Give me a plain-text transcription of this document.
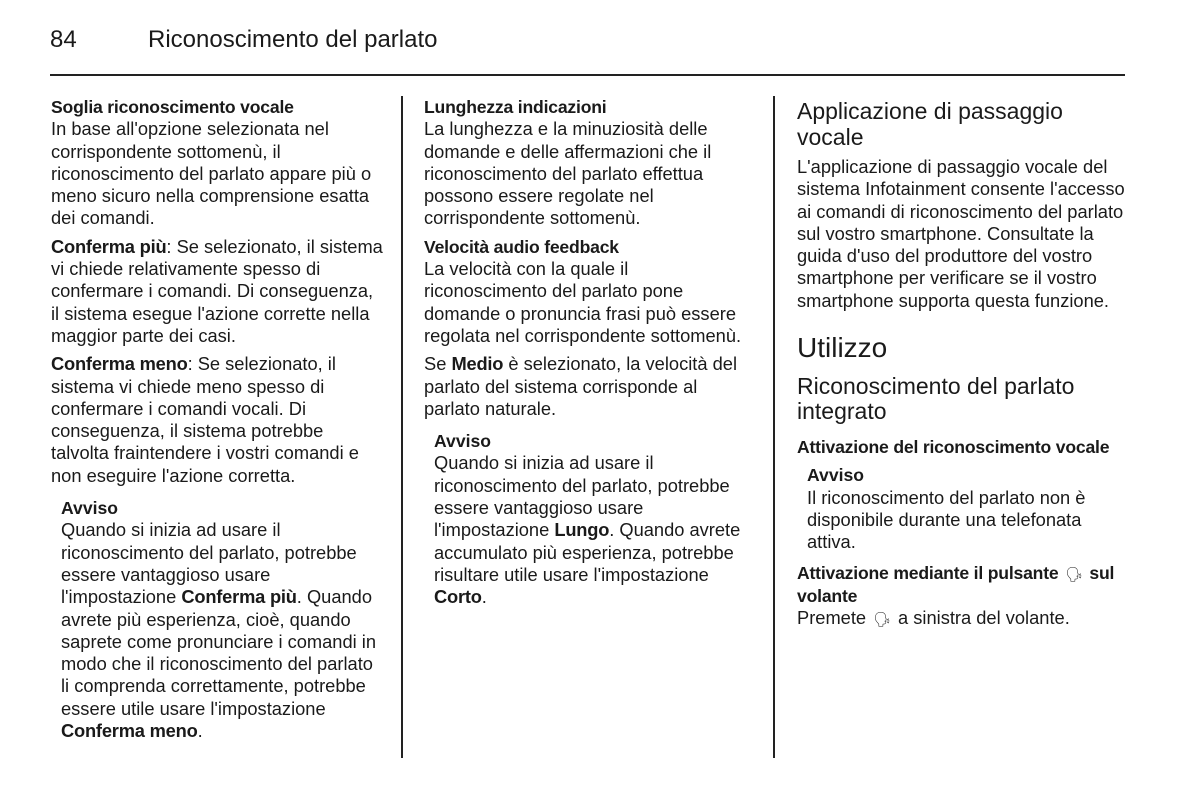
84	Riconoscimento del parlato
Soglia riconoscimento vocale
In base all'opzione selezionata nel corrispondente sottomenù, il riconoscimento del parlato appare più o meno sicuro nella comprensione esatta dei comandi.
Conferma più: Se selezionato, il sistema vi chiede relativamente spesso di confermare i comandi. Di conseguenza, il sistema esegue l'azione corrette nella maggior parte dei casi.
Conferma meno: Se selezionato, il sistema vi chiede meno spesso di confermare i comandi vocali. Di conseguenza, il sistema potrebbe talvolta fraintendere i vostri comandi e non eseguire l'azione corretta.
Avviso
Quando si inizia ad usare il riconoscimento del parlato, potrebbe essere vantaggioso usare l'impostazione Conferma più. Quando avrete più esperienza, cioè, quando saprete come pronunciare i comandi in modo che il riconoscimento del parlato li comprenda correttamente, potrebbe essere utile usare l'impostazione Conferma meno.
Lunghezza indicazioni
La lunghezza e la minuziosità delle domande e delle affermazioni che il riconoscimento del parlato effettua possono essere regolate nel corrispondente sottomenù.
Velocità audio feedback
La velocità con la quale il riconoscimento del parlato pone domande o pronuncia frasi può essere regolata nel corrispondente sottomenù.
Se Medio è selezionato, la velocità del parlato del sistema corrisponde al parlato naturale.
Avviso
Quando si inizia ad usare il riconoscimento del parlato, potrebbe essere vantaggioso usare l'impostazione Lungo. Quando avrete accumulato più esperienza, potrebbe risultare utile usare l'impostazione Corto.
Applicazione di passaggio vocale
L'applicazione di passaggio vocale del sistema Infotainment consente l'accesso ai comandi di riconoscimento del parlato sul vostro smartphone. Consultate la guida d'uso del produttore del vostro smartphone per verificare se il vostro smartphone supporta questa funzione.
Utilizzo
Riconoscimento del parlato integrato
Attivazione del riconoscimento vocale
Avviso
Il riconoscimento del parlato non è disponibile durante una telefonata attiva.
Attivazione mediante il pulsante 🗣︎ sul volante
Premete 🗣︎ a sinistra del volante.
